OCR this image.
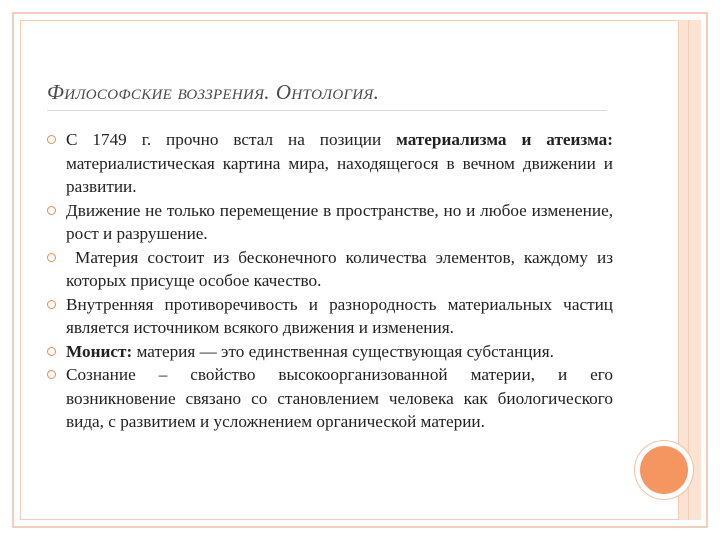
Философские воззрения. Онтология.
С 1749 г. прочно встал на позиции материализма и атеизма: материалистическая картина мира, находящегося в вечном движении и развитии.
Движение не только перемещение в пространстве, но и любое изменение, рост и разрушение.
Материя состоит из бесконечного количества элементов, каждому из которых присуще особое качество.
Внутренняя противоречивость и разнородность материальных частиц является источником всякого движения и изменения.
Монист: материя — это единственная существующая субстанция.
Сознание – свойство высокоорганизованной материи, и его возникновение связано со становлением человека как биологического вида, с развитием и усложнением органической материи.
